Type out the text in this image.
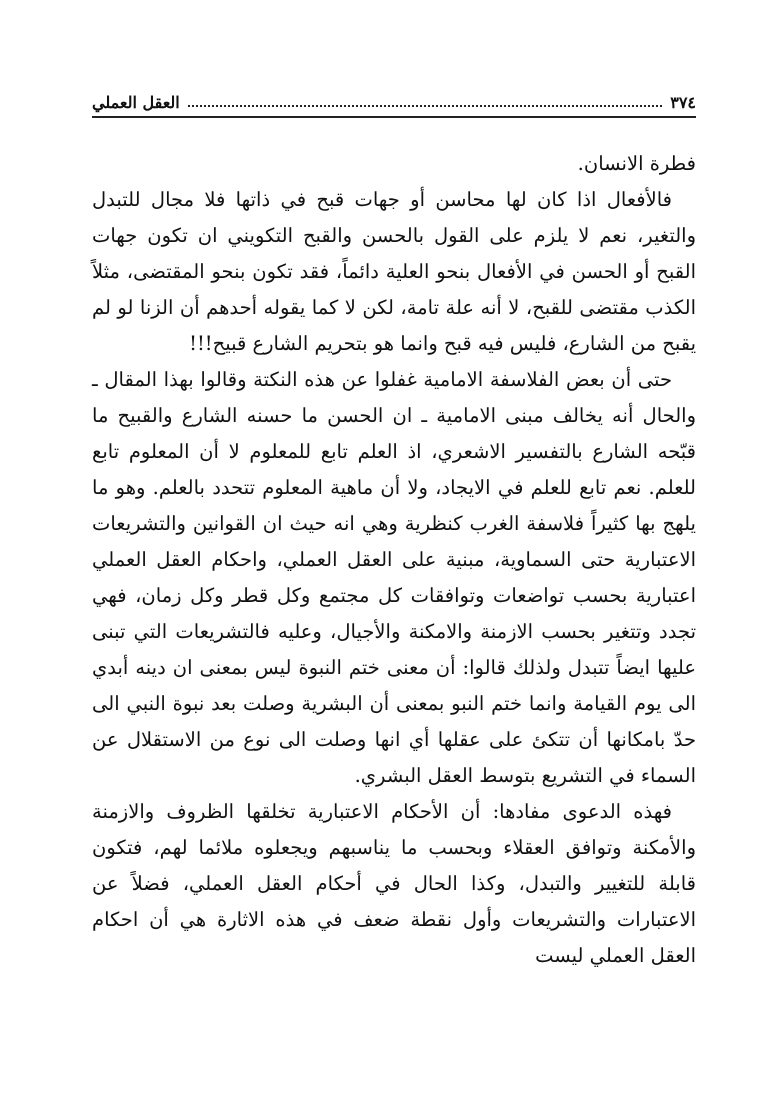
٣٧٤
العقل العملي

فطرة الانسان.

فالأفعال اذا كان لها محاسن أو جهات قبح في ذاتها فلا مجال للتبدل والتغير، نعم لا يلزم على القول بالحسن والقبح التكويني ان تكون جهات القبح أو الحسن في الأفعال بنحو العلية دائماً، فقد تكون بنحو المقتضى، مثلاً الكذب مقتضى للقبح، لا أنه علة تامة، لكن لا كما يقوله أحدهم أن الزنا لو لم يقبح من الشارع، فليس فيه قبح وانما هو بتحريم الشارع قبيح!!!

حتى أن بعض الفلاسفة الامامية غفلوا عن هذه النكتة وقالوا بهذا المقال ـ والحال أنه يخالف مبنى الامامية ـ ان الحسن ما حسنه الشارع والقبيح ما قبّحه الشارع بالتفسير الاشعري، اذ العلم تابع للمعلوم لا أن المعلوم تابع للعلم. نعم تابع للعلم في الايجاد، ولا أن ماهية المعلوم تتحدد بالعلم. وهو ما يلهج بها كثيراً فلاسفة الغرب كنظرية وهي انه حيث ان القوانين والتشريعات الاعتبارية حتى السماوية، مبنية على العقل العملي، واحكام العقل العملي اعتبارية بحسب تواضعات وتوافقات كل مجتمع وكل قطر وكل زمان، فهي تجدد وتتغير بحسب الازمنة والامكنة والأجيال، وعليه فالتشريعات التي تبنى عليها ايضاً تتبدل ولذلك قالوا: أن معنى ختم النبوة ليس بمعنى ان دينه أبدي الى يوم القيامة وانما ختم النبو بمعنى أن البشرية وصلت بعد نبوة النبي الى حدّ بامكانها أن تتكئ على عقلها أي انها وصلت الى نوع من الاستقلال عن السماء في التشريع بتوسط العقل البشري.

فهذه الدعوى مفادها: أن الأحكام الاعتبارية تخلقها الظروف والازمنة والأمكنة وتوافق العقلاء وبحسب ما يناسبهم ويجعلوه ملائما لهم، فتكون قابلة للتغيير والتبدل، وكذا الحال في أحكام العقل العملي، فضلاً عن الاعتبارات والتشريعات وأول نقطة ضعف في هذه الاثارة هي أن احكام العقل العملي ليست
